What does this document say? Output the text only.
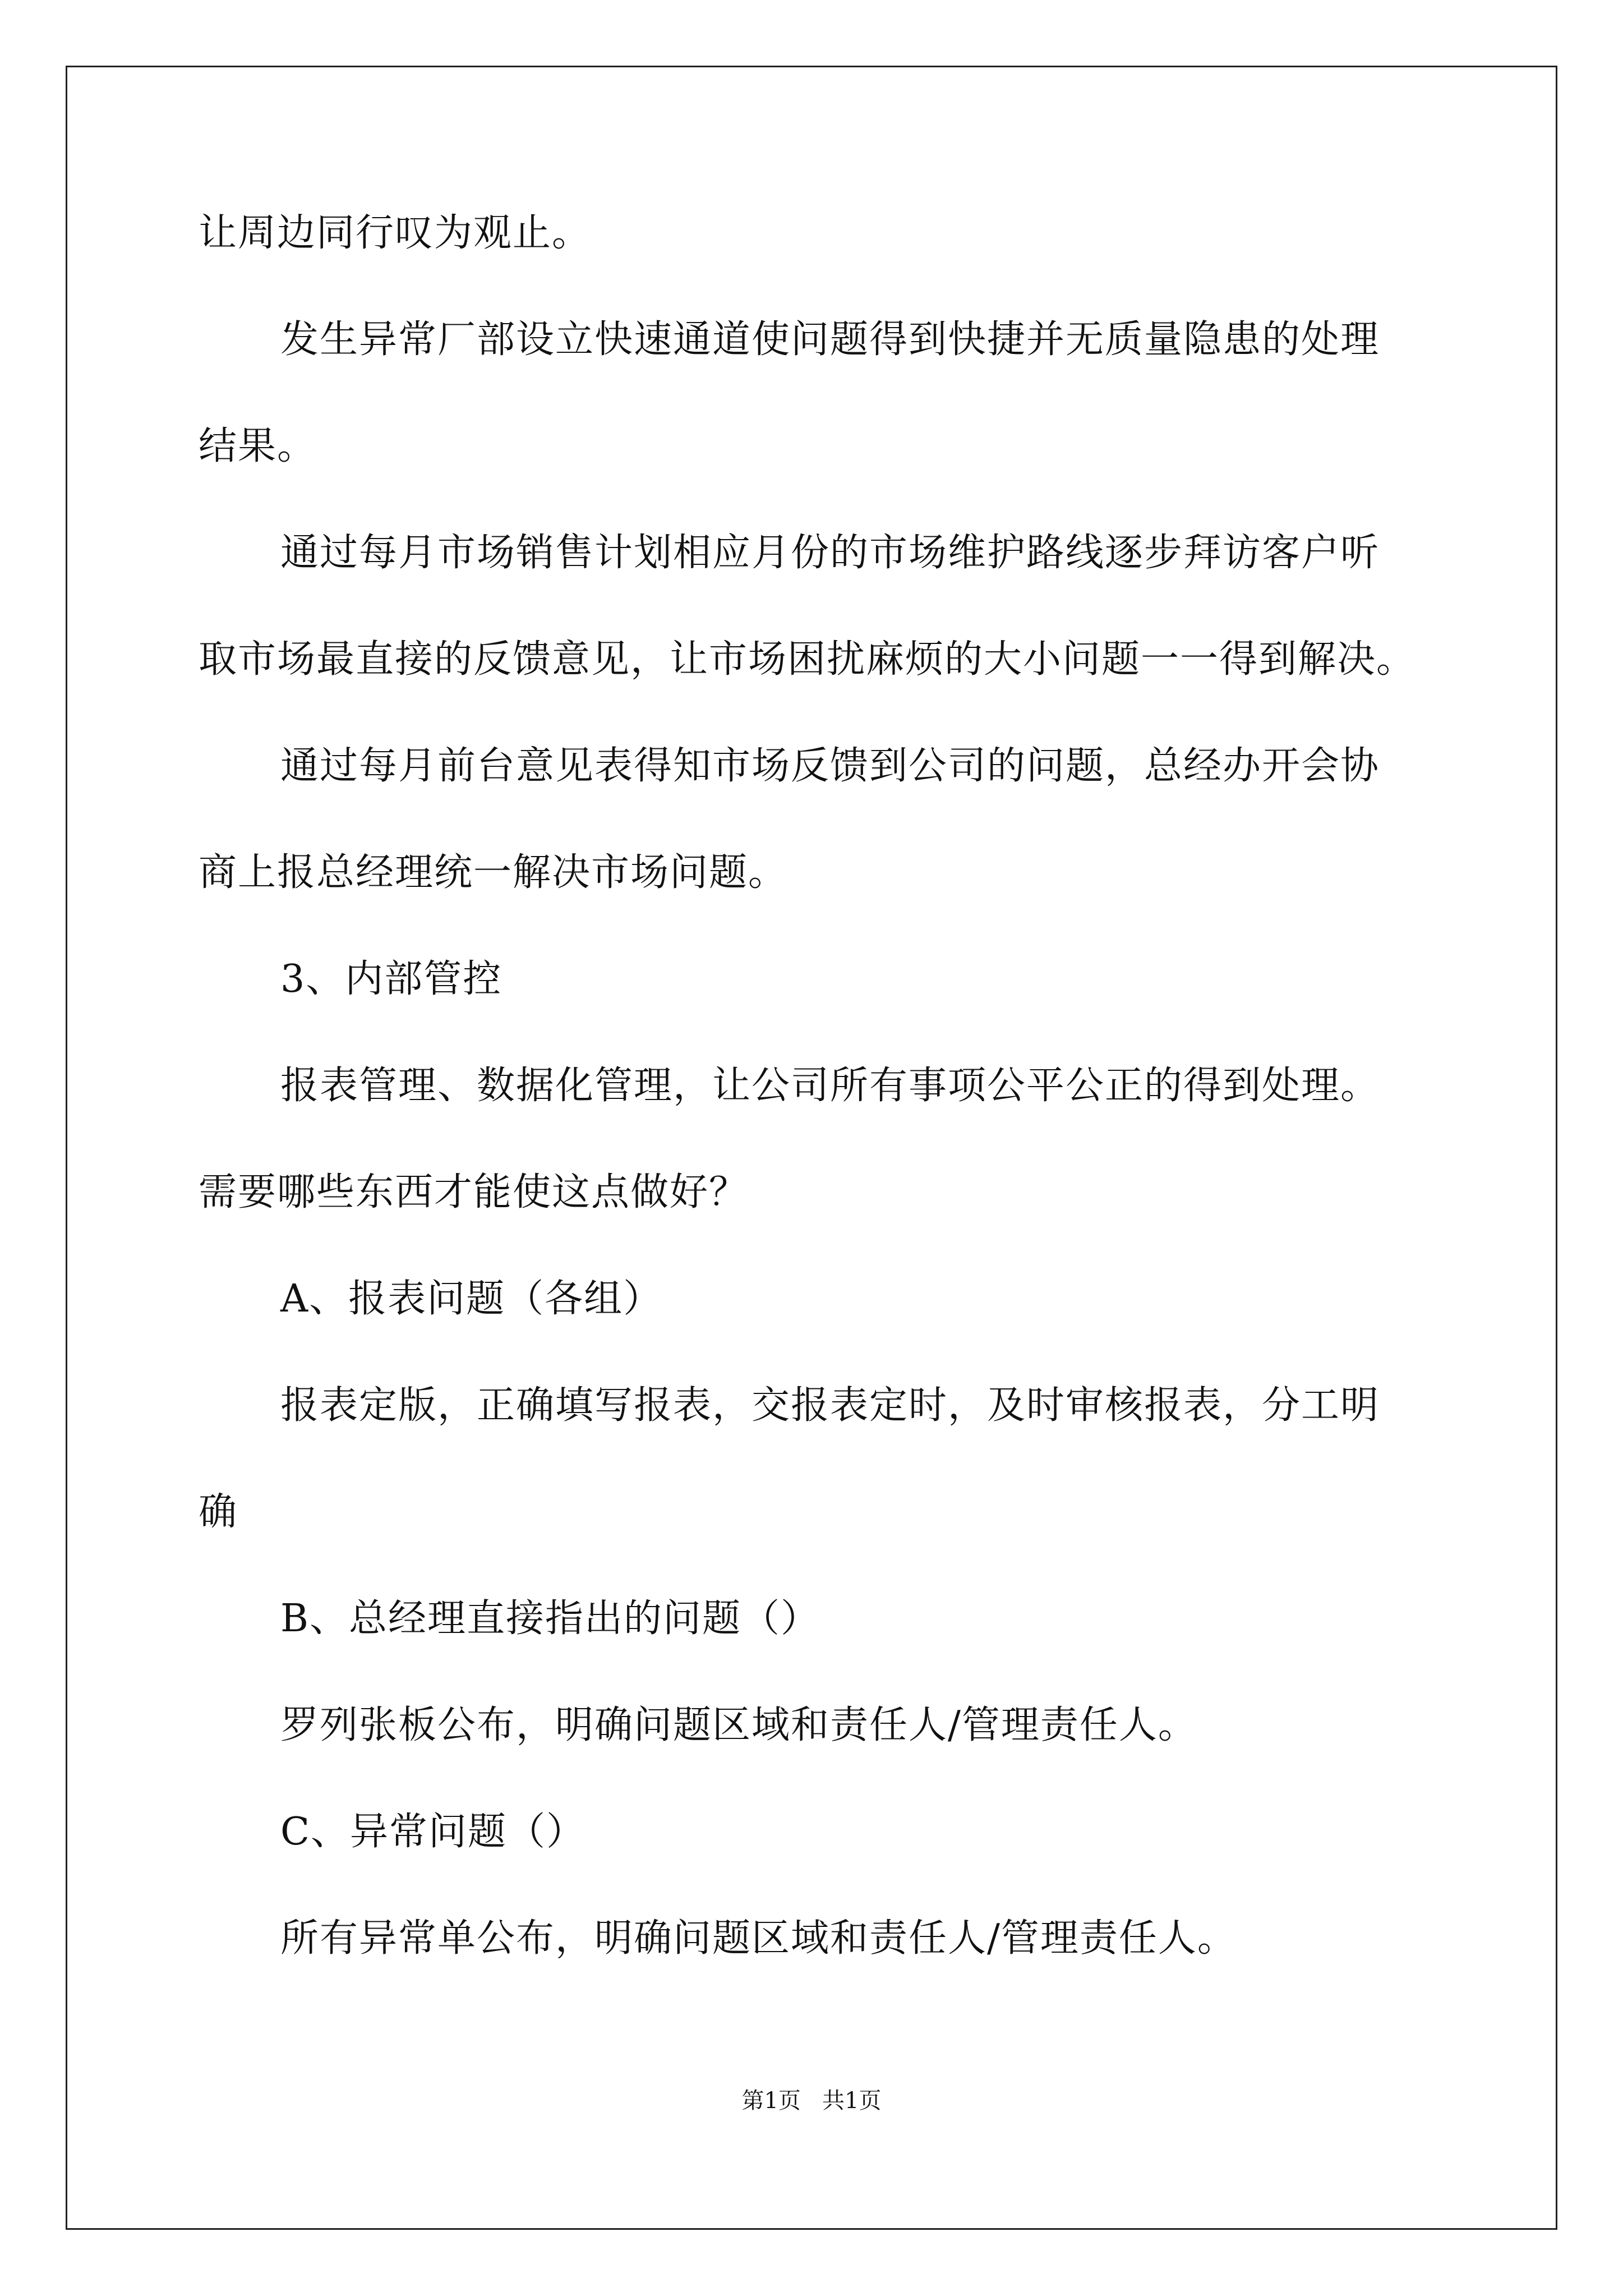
让周边同行叹为观止。
发生异常厂部设立快速通道使问题得到快捷并无质量隐患的处理
结果。
通过每月市场销售计划相应月份的市场维护路线逐步拜访客户听
取市场最直接的反馈意见，让市场困扰麻烦的大小问题一一得到解决。
通过每月前台意见表得知市场反馈到公司的问题，总经办开会协
商上报总经理统一解决市场问题。
3、内部管控
报表管理、数据化管理，让公司所有事项公平公正的得到处理。
需要哪些东西才能使这点做好？
A、报表问题（各组）
报表定版，正确填写报表，交报表定时，及时审核报表，分工明
确
B、总经理直接指出的问题（）
罗列张板公布，明确问题区域和责任人/管理责任人。
C、异常问题（）
所有异常单公布，明确问题区域和责任人/管理责任人。
第1页   共1页
